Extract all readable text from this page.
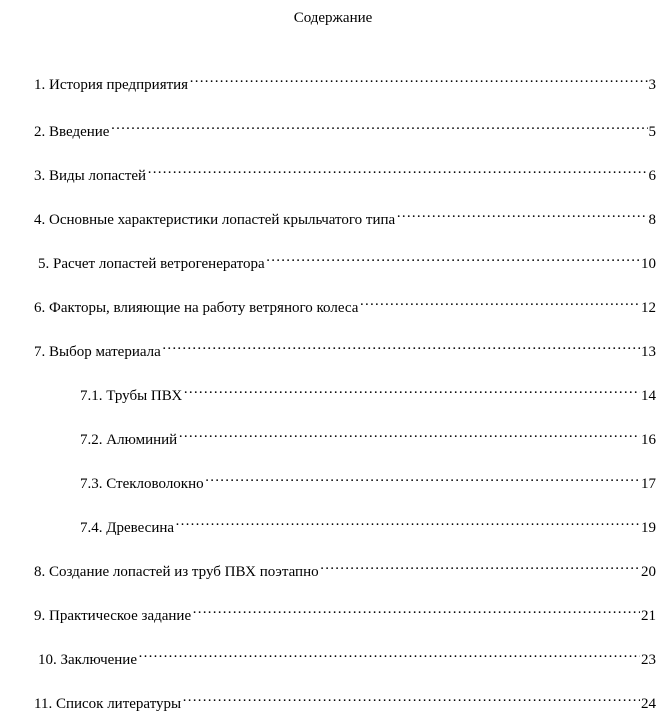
Содержание
1. История предприятия ……………………………………………………………………………………………………………………………………………………………………………………………………………………	3
2. Введение ……………………………………………………………………………………………………………………………………………………………………………………………………………………	5
3. Виды лопастей ……………………………………………………………………………………………………………………………………………………………………………………………………………………	6
4. Основные характеристики лопастей крыльчатого типа ……………………………………………………………………………………………………………………………………………………………………………………………………………………	8
5. Расчет лопастей ветрогенератора ……………………………………………………………………………………………………………………………………………………………………………………………………………………	10
6. Факторы, влияющие на работу ветряного колеса ……………………………………………………………………………………………………………………………………………………………………………………………………………………	12
7. Выбор материала ……………………………………………………………………………………………………………………………………………………………………………………………………………………	13
7.1. Трубы ПВХ ……………………………………………………………………………………………………………………………………………………………………………………………………………………	14
7.2. Алюминий ……………………………………………………………………………………………………………………………………………………………………………………………………………………	16
7.3. Стекловолокно ……………………………………………………………………………………………………………………………………………………………………………………………………………………	17
7.4. Древесина ……………………………………………………………………………………………………………………………………………………………………………………………………………………	19
8. Создание лопастей из труб ПВХ поэтапно ……………………………………………………………………………………………………………………………………………………………………………………………………………………	20
9. Практическое задание ……………………………………………………………………………………………………………………………………………………………………………………………………………………	21
10. Заключение ……………………………………………………………………………………………………………………………………………………………………………………………………………………	23
11. Список литературы ……………………………………………………………………………………………………………………………………………………………………………………………………………………	24
